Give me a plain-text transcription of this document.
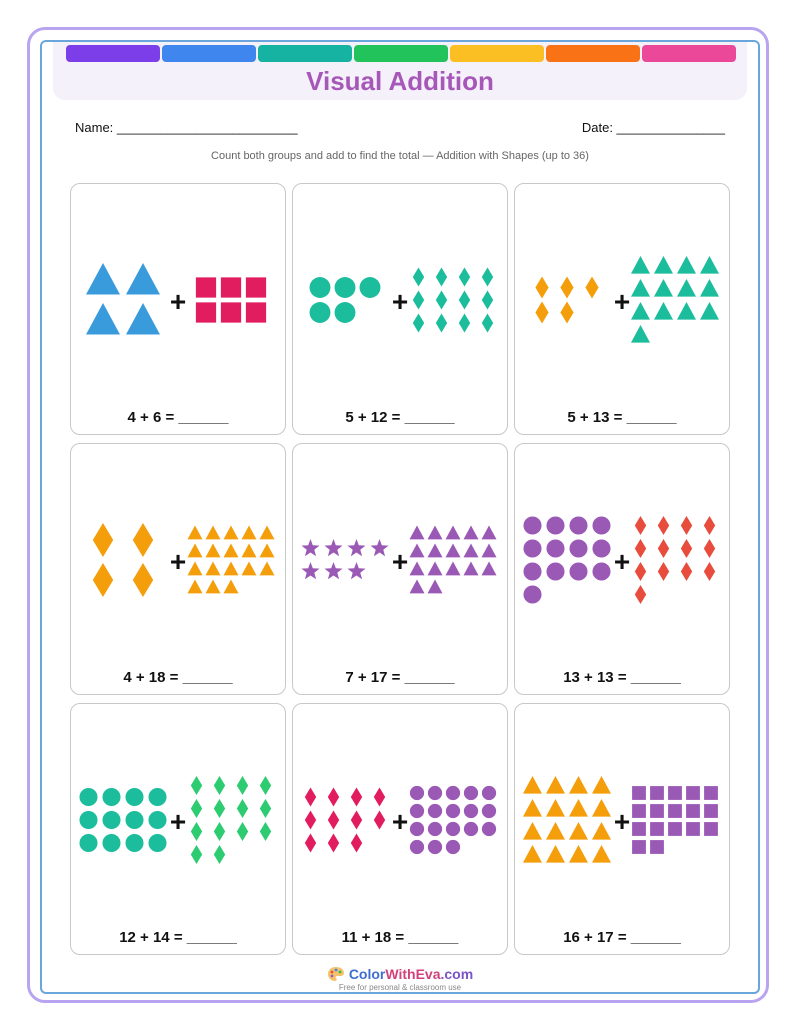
Visual Addition
Name: _________________________	Date: _______________
Count both groups and add to find the total — Addition with Shapes (up to 36)
+
4 + 6 = ______
+
5 + 12 = ______
+
5 + 13 = ______
+
4 + 18 = ______
+
7 + 17 = ______
+
13 + 13 = ______
+
12 + 14 = ______
+
11 + 18 = ______
+
16 + 17 = ______
ColorWithEva.com
Free for personal & classroom use
